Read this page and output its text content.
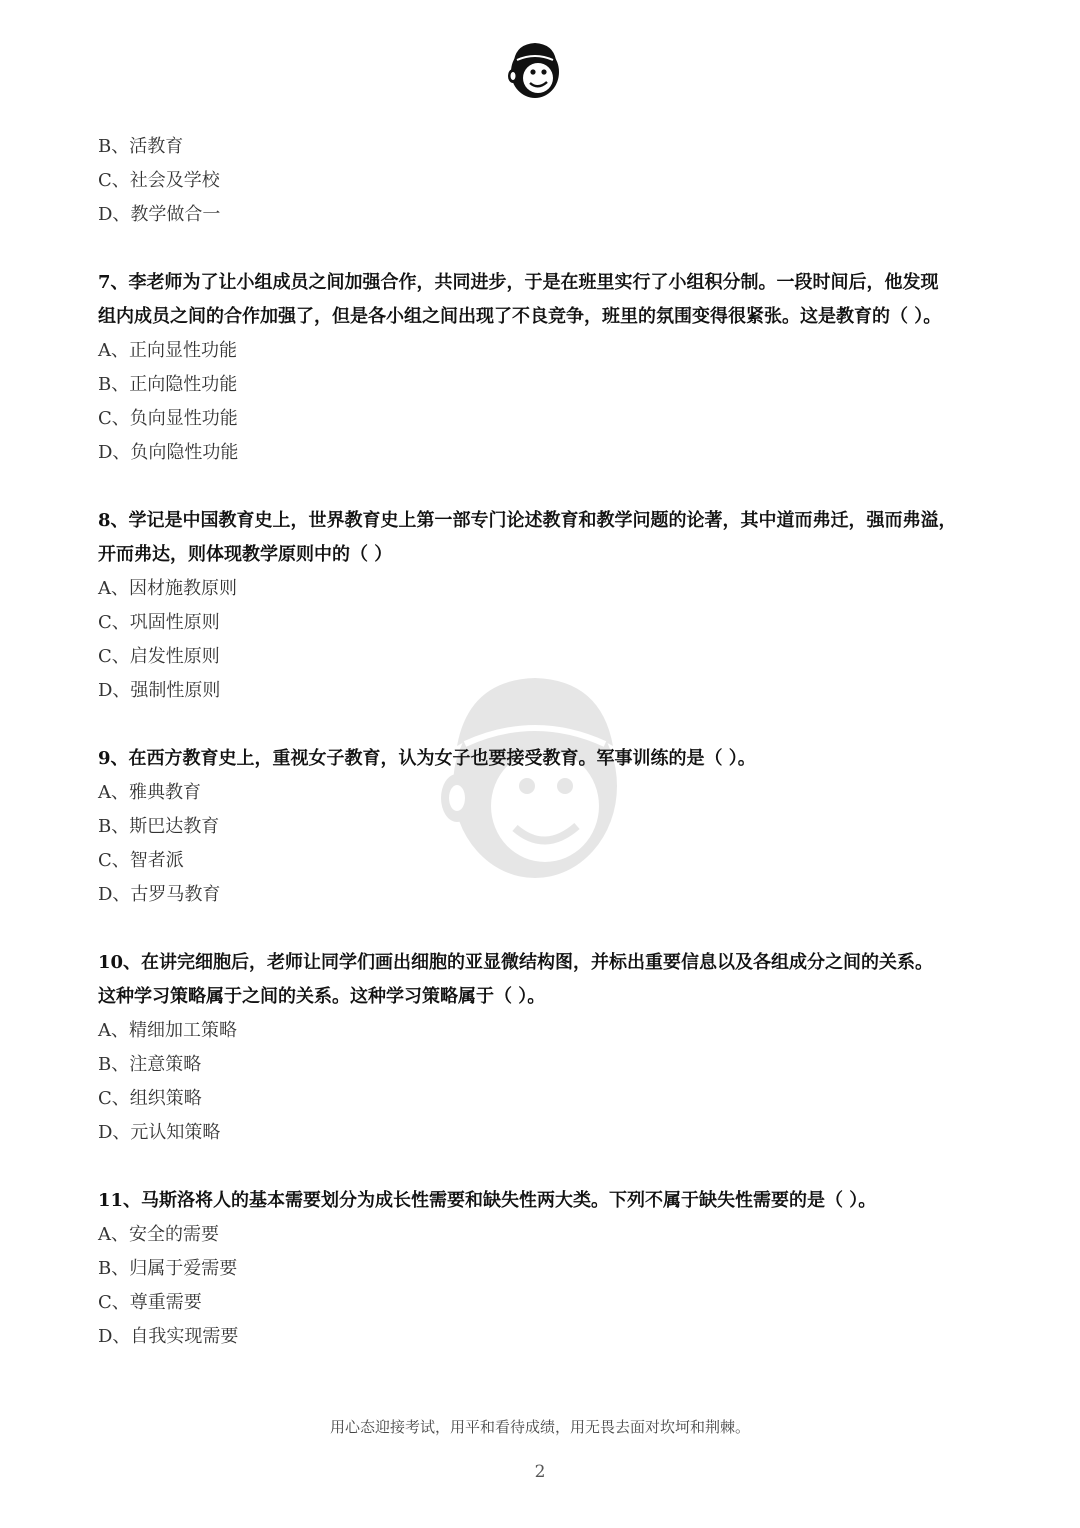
B、活教育
C、社会及学校
D、教学做合一
7、李老师为了让小组成员之间加强合作，共同进步，于是在班里实行了小组积分制。一段时间后，他发现
组内成员之间的合作加强了，但是各小组之间出现了不良竞争，班里的氛围变得很紧张。这是教育的（ ）。
A、正向显性功能
B、正向隐性功能
C、负向显性功能
D、负向隐性功能
8、学记是中国教育史上，世界教育史上第一部专门论述教育和教学问题的论著，其中道而弗迁，强而弗溢，
开而弗达，则体现教学原则中的（ ）
A、因材施教原则
C、巩固性原则
C、启发性原则
D、强制性原则
9、在西方教育史上，重视女子教育，认为女子也要接受教育。军事训练的是（ ）。
A、雅典教育
B、斯巴达教育
C、智者派
D、古罗马教育
10、在讲完细胞后，老师让同学们画出细胞的亚显微结构图，并标出重要信息以及各组成分之间的关系。
这种学习策略属于之间的关系。这种学习策略属于（ ）。
A、精细加工策略
B、注意策略
C、组织策略
D、元认知策略
11、马斯洛将人的基本需要划分为成长性需要和缺失性两大类。下列不属于缺失性需要的是（ ）。
A、安全的需要
B、归属于爱需要
C、尊重需要
D、自我实现需要
用心态迎接考试，用平和看待成绩，用无畏去面对坎坷和荆棘。
2
